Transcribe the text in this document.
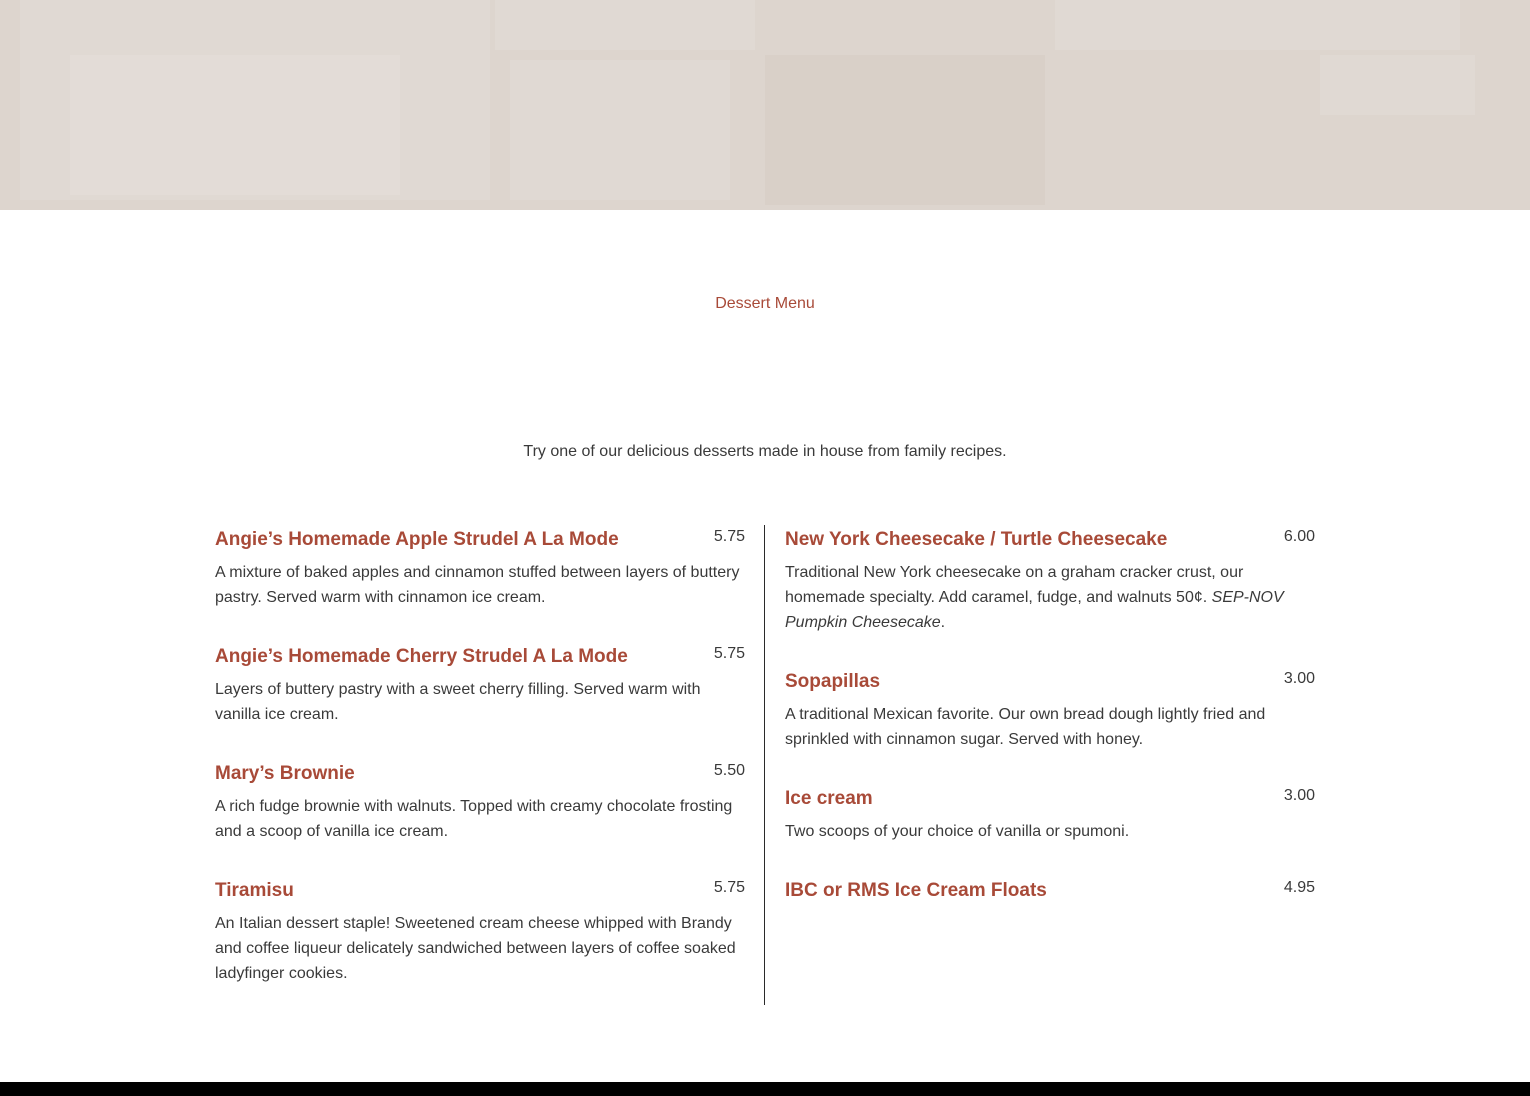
Dessert Menu
Try one of our delicious desserts made in house from family recipes.
Angie’s Homemade Apple Strudel A La Mode	5.75
A mixture of baked apples and cinnamon stuffed between layers of buttery pastry. Served warm with cinnamon ice cream.
Angie’s Homemade Cherry Strudel A La Mode	5.75
Layers of buttery pastry with a sweet cherry filling. Served warm with vanilla ice cream.
Mary’s Brownie	5.50
A rich fudge brownie with walnuts. Topped with creamy chocolate frosting and a scoop of vanilla ice cream.
Tiramisu	5.75
An Italian dessert staple! Sweetened cream cheese whipped with Brandy and coffee liqueur delicately sandwiched between layers of coffee soaked ladyfinger cookies.
New York Cheesecake / Turtle Cheesecake	6.00
Traditional New York cheesecake on a graham cracker crust, our homemade specialty. Add caramel, fudge, and walnuts 50¢. SEP-NOV Pumpkin Cheesecake.
Sopapillas	3.00
A traditional Mexican favorite. Our own bread dough lightly fried and sprinkled with cinnamon sugar. Served with honey.
Ice cream	3.00
Two scoops of your choice of vanilla or spumoni.
IBC or RMS Ice Cream Floats	4.95
